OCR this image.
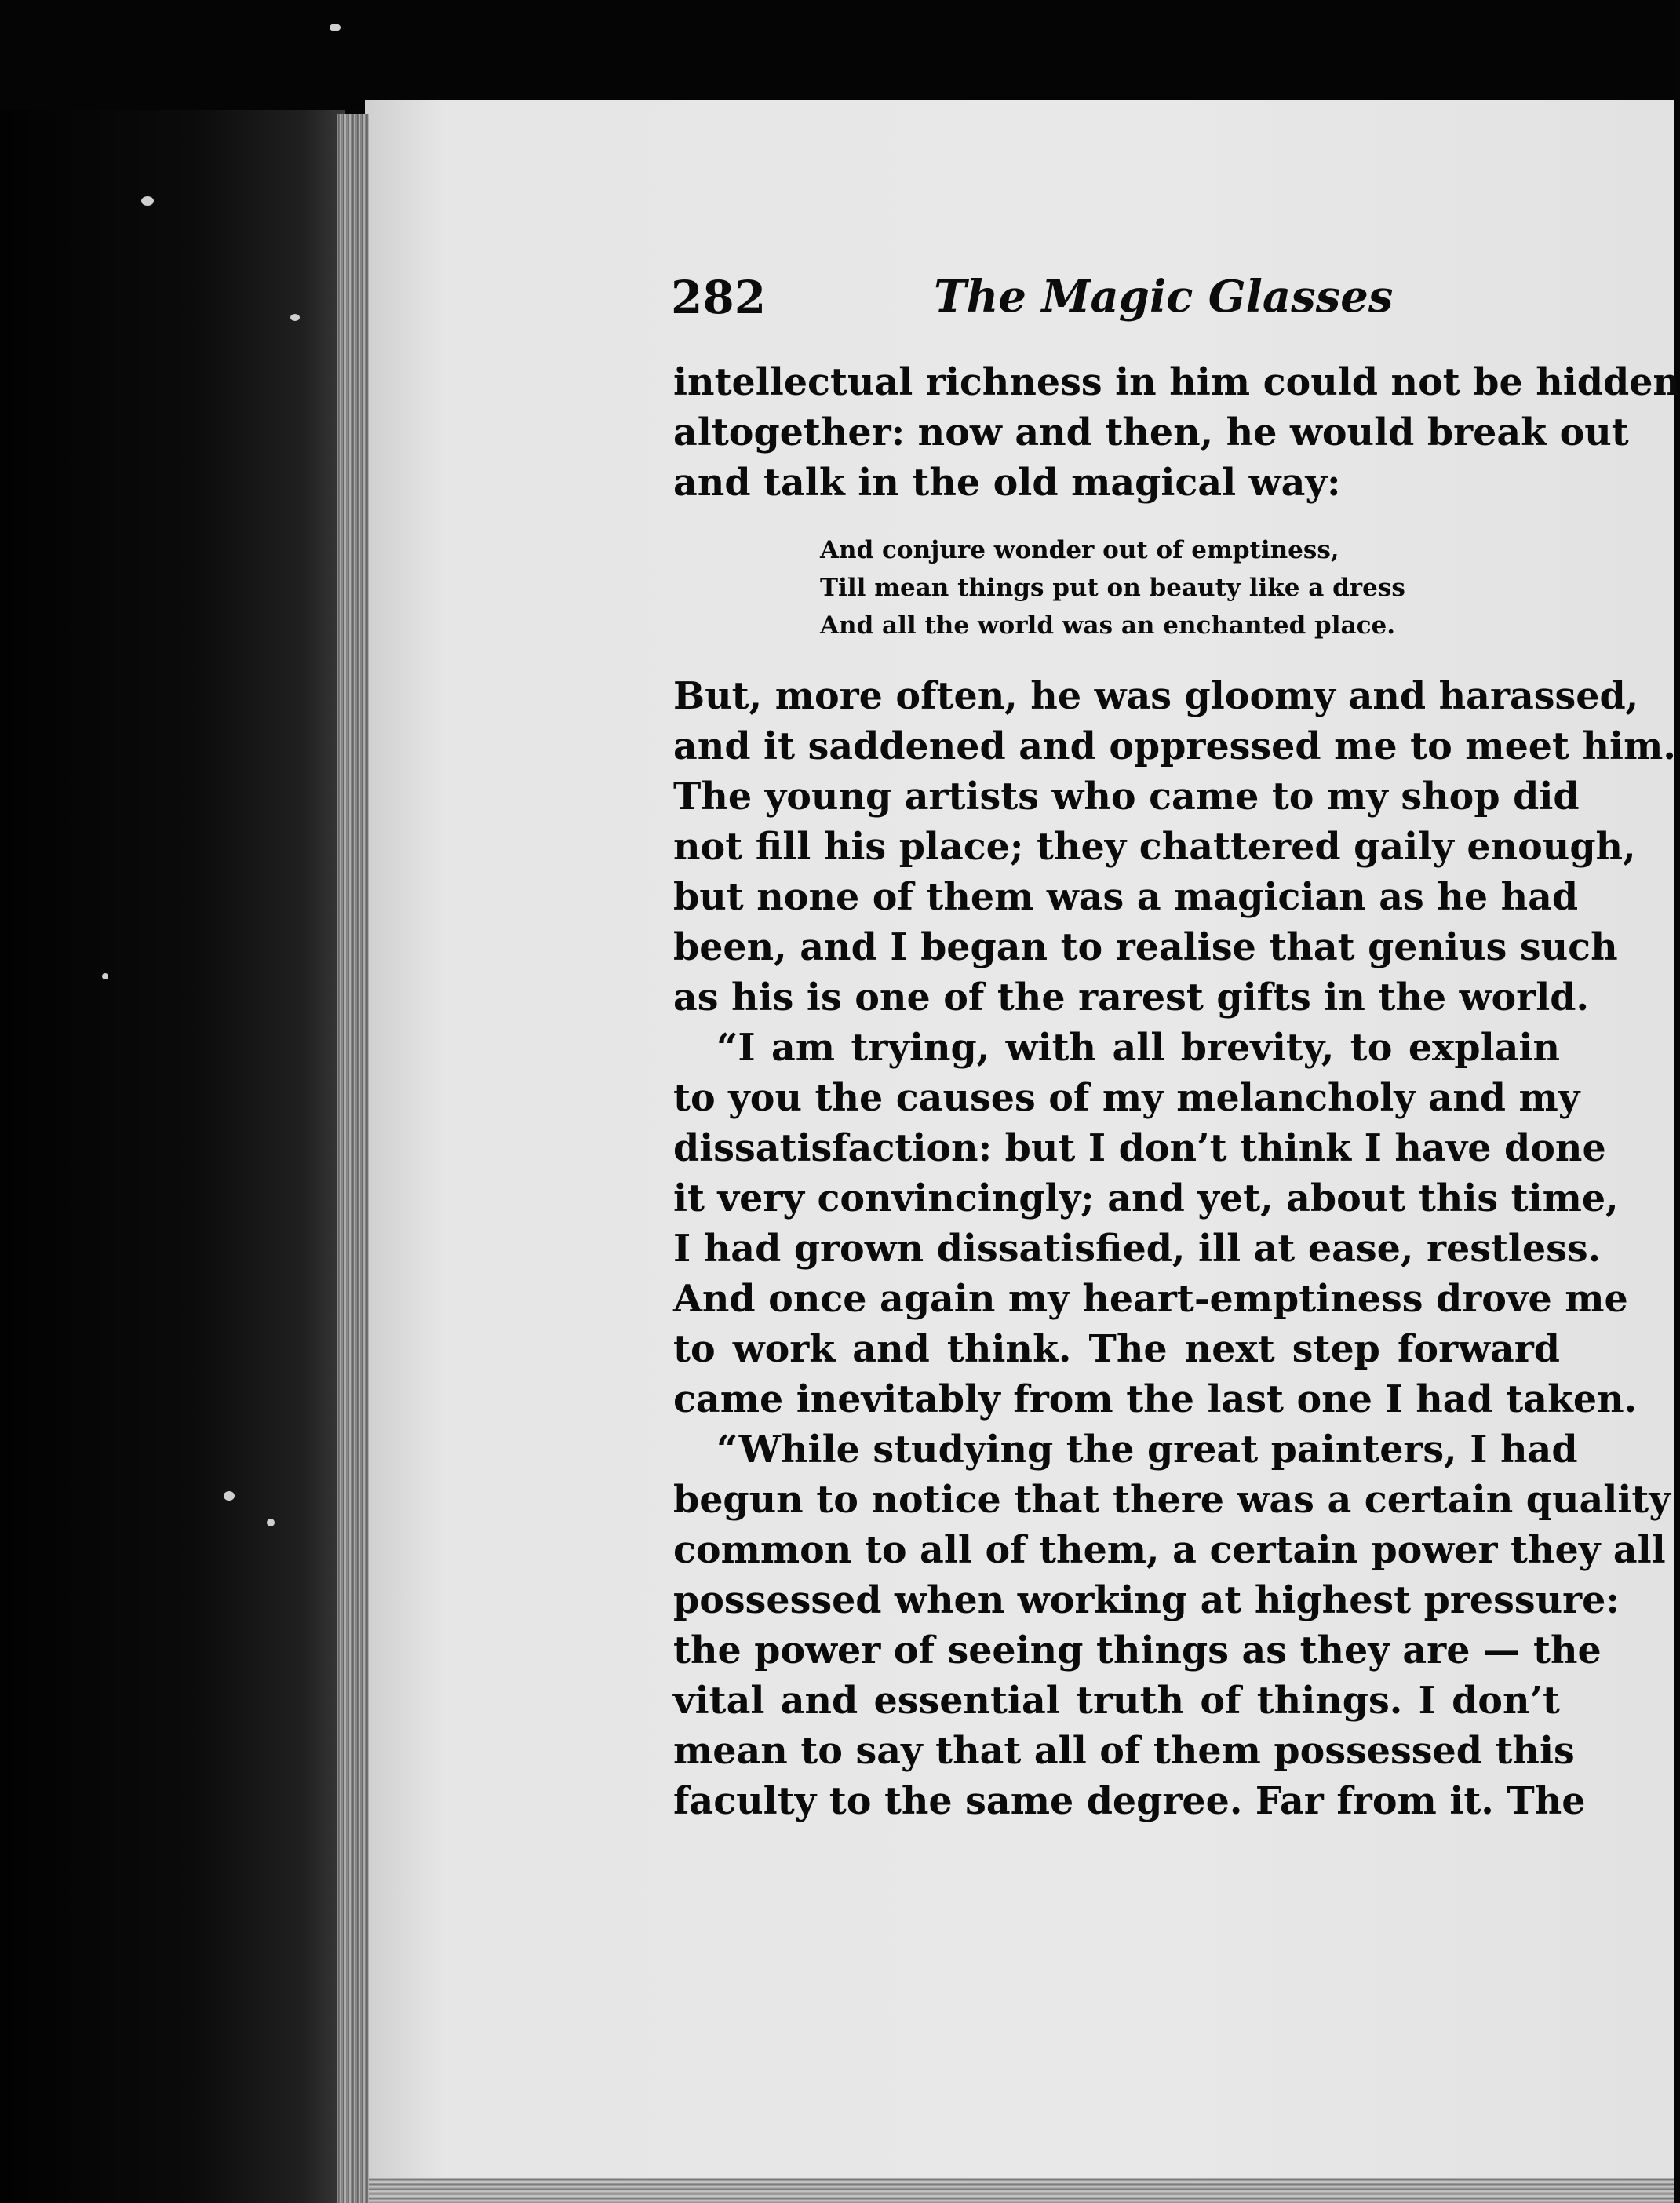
282	The Magic Glasses
intellectual richness in him could not be hidden
altogether: now and then, he would break out
and talk in the old magical way:
And conjure wonder out of emptiness,
Till mean things put on beauty like a dress
And all the world was an enchanted place.
But, more often, he was gloomy and harassed,
and it saddened and oppressed me to meet him.
The young artists who came to my shop did
not fill his place; they chattered gaily enough,
but none of them was a magician as he had
been, and I began to realise that genius such
as his is one of the rarest gifts in the world.
“I am trying, with all brevity, to explain
to you the causes of my melancholy and my
dissatisfaction: but I don’t think I have done
it very convincingly; and yet, about this time,
I had grown dissatisfied, ill at ease, restless.
And once again my heart-emptiness drove me
to work and think. The next step forward
came inevitably from the last one I had taken.
“While studying the great painters, I had
begun to notice that there was a certain quality
common to all of them, a certain power they all
possessed when working at highest pressure:
the power of seeing things as they are — the
vital and essential truth of things. I don’t
mean to say that all of them possessed this
faculty to the same degree. Far from it. The
